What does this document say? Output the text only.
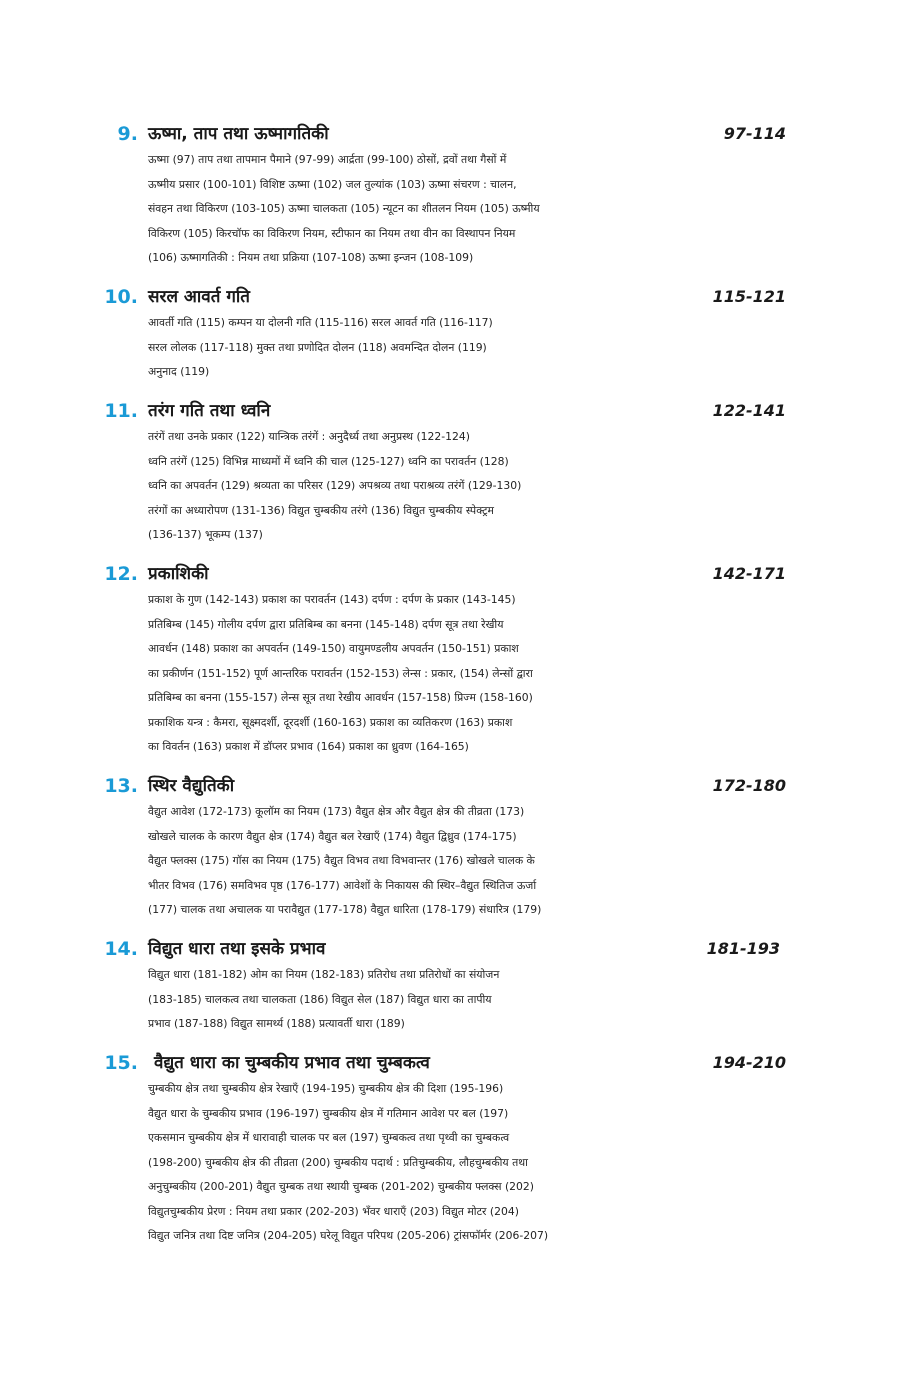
9. ऊष्मा, ताप तथा ऊष्मागतिकी	97-114
ऊष्मा (97) ताप तथा तापमान पैमाने (97-99) आर्द्रता (99-100) ठोसों, द्रवों तथा गैसों में
ऊष्मीय प्रसार (100-101) विशिष्ट ऊष्मा (102) जल तुल्यांक (103) ऊष्मा संचरण : चालन,
संवहन तथा विकिरण (103-105) ऊष्मा चालकता (105) न्यूटन का शीतलन नियम (105) ऊष्मीय
विकिरण (105) किरचॉफ का विकिरण नियम, स्टीफान का नियम तथा वीन का विस्थापन नियम
(106) ऊष्मागतिकी : नियम तथा प्रक्रिया (107-108) ऊष्मा इन्जन (108-109)
10. सरल आवर्त गति	115-121
आवर्ती गति (115) कम्पन या दोलनी गति (115-116) सरल आवर्त गति (116-117)
सरल लोलक (117-118) मुक्त तथा प्रणोदित दोलन (118) अवमन्दित दोलन (119)
अनुनाद (119)
11. तरंग गति तथा ध्वनि	122-141
तरंगें तथा उनके प्रकार (122) यान्त्रिक तरंगें : अनुदैर्ध्य तथा अनुप्रस्थ (122-124)
ध्वनि तरंगें (125) विभिन्न माध्यमों में ध्वनि की चाल (125-127) ध्वनि का परावर्तन (128)
ध्वनि का अपवर्तन (129) श्रव्यता का परिसर (129) अपश्रव्य तथा पराश्रव्य तरंगें (129-130)
तरंगों का अध्यारोपण (131-136) विद्युत चुम्बकीय तरंगे (136) विद्युत चुम्बकीय स्पेक्ट्रम
(136-137) भूकम्प (137)
12. प्रकाशिकी	142-171
प्रकाश के गुण (142-143) प्रकाश का परावर्तन (143) दर्पण : दर्पण के प्रकार (143-145)
प्रतिबिम्ब (145) गोलीय दर्पण द्वारा प्रतिबिम्ब का बनना (145-148) दर्पण सूत्र तथा रेखीय
आवर्धन (148) प्रकाश का अपवर्तन (149-150) वायुमण्डलीय अपवर्तन (150-151) प्रकाश
का प्रकीर्णन (151-152) पूर्ण आन्तरिक परावर्तन (152-153) लेन्स : प्रकार, (154) लेन्सों द्वारा
प्रतिबिम्ब का बनना (155-157) लेन्स सूत्र तथा रेखीय आवर्धन (157-158) प्रिज्म (158-160)
प्रकाशिक यन्त्र : कैमरा, सूक्ष्मदर्शी, दूरदर्शी (160-163) प्रकाश का व्यतिकरण (163) प्रकाश
का विवर्तन (163) प्रकाश में डॉप्लर प्रभाव (164) प्रकाश का ध्रुवण (164-165)
13. स्थिर वैद्युतिकी	172-180
वैद्युत आवेश (172-173) कूलॉम का नियम (173) वैद्युत क्षेत्र और वैद्युत क्षेत्र की तीव्रता (173)
खोखले चालक के कारण वैद्युत क्षेत्र (174) वैद्युत बल रेखाएँ (174) वैद्युत द्विध्रुव (174-175)
वैद्युत फ्लक्स (175) गॉस का नियम (175) वैद्युत विभव तथा विभवान्तर (176) खोखले चालक के
भीतर विभव (176) समविभव पृष्ठ (176-177) आवेशों के निकायस की स्थिर–वैद्युत स्थितिज ऊर्जा
(177) चालक तथा अचालक या परावैद्युत (177-178) वैद्युत धारिता (178-179) संधारित्र (179)
14. विद्युत धारा तथा इसके प्रभाव	181-193
विद्युत धारा (181-182) ओम का नियम (182-183) प्रतिरोध तथा प्रतिरोधों का संयोजन
(183-185) चालकत्व तथा चालकता (186) विद्युत सेल (187) विद्युत धारा का तापीय
प्रभाव (187-188) विद्युत सामर्थ्य (188) प्रत्यावर्ती धारा (189)
15. वैद्युत धारा का चुम्बकीय प्रभाव तथा चुम्बकत्व	194-210
चुम्बकीय क्षेत्र तथा चुम्बकीय क्षेत्र रेखाएँ (194-195) चुम्बकीय क्षेत्र की दिशा (195-196)
वैद्युत धारा के चुम्बकीय प्रभाव (196-197) चुम्बकीय क्षेत्र में गतिमान आवेश पर बल (197)
एकसमान चुम्बकीय क्षेत्र में धारावाही चालक पर बल (197) चुम्बकत्व तथा पृथ्वी का चुम्बकत्व
(198-200) चुम्बकीय क्षेत्र की तीव्रता (200) चुम्बकीय पदार्थ : प्रतिचुम्बकीय, लौहचुम्बकीय तथा
अनुचुम्बकीय (200-201) वैद्युत चुम्बक तथा स्थायी चुम्बक (201-202) चुम्बकीय फ्लक्स (202)
विद्युतचुम्बकीय प्रेरण : नियम तथा प्रकार (202-203) भँवर धाराएँ (203) विद्युत मोटर (204)
विद्युत जनित्र तथा दिष्ट जनित्र (204-205) घरेलू विद्युत परिपथ (205-206) ट्रांसफॉर्मर (206-207)
